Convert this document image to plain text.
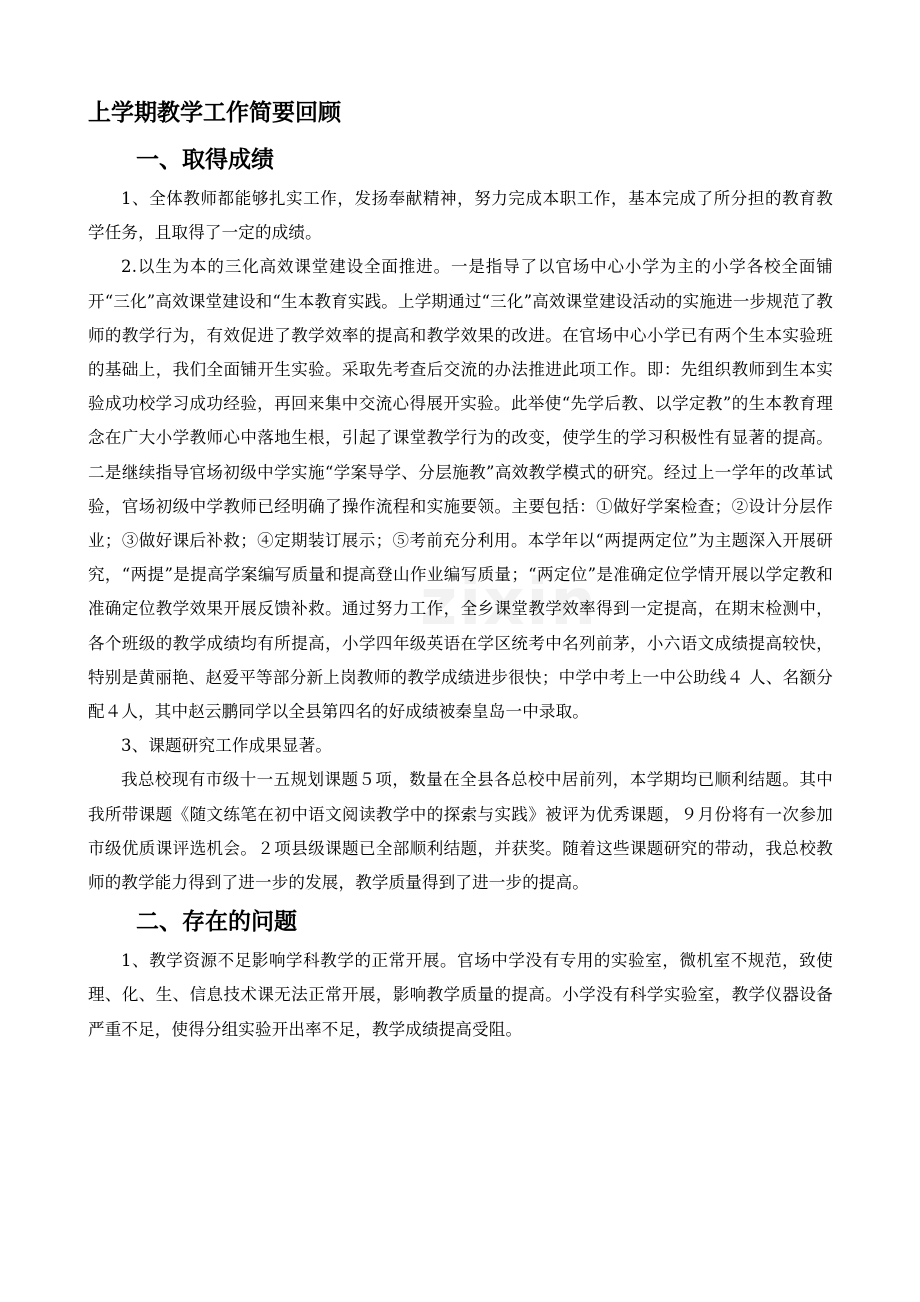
zixin
上学期教学工作简要回顾
一、取得成绩

1、全体教师都能够扎实工作，发扬奉献精神，努力完成本职工作，基本完成了所分担的教育教学任务，且取得了一定的成绩。

2.以生为本的三化高效课堂建设全面推进。一是指导了以官场中心小学为主的小学各校全面铺开“三化”高效课堂建设和“生本教育实践。上学期通过“三化”高效课堂建设活动的实施进一步规范了教师的教学行为，有效促进了教学效率的提高和教学效果的改进。在官场中心小学已有两个生本实验班的基础上，我们全面铺开生实验。采取先考查后交流的办法推进此项工作。即：先组织教师到生本实验成功校学习成功经验，再回来集中交流心得展开实验。此举使“先学后教、以学定教”的生本教育理念在广大小学教师心中落地生根，引起了课堂教学行为的改变，使学生的学习积极性有显著的提高。二是继续指导官场初级中学实施“学案导学、分层施教”高效教学模式的研究。经过上一学年的改革试验，官场初级中学教师已经明确了操作流程和实施要领。主要包括：①做好学案检查；②设计分层作业；③做好课后补救；④定期装订展示；⑤考前充分利用。本学年以“两提两定位”为主题深入开展研究，“两提”是提高学案编写质量和提高登山作业编写质量；“两定位”是准确定位学情开展以学定教和准确定位教学效果开展反馈补救。通过努力工作，全乡课堂教学效率得到一定提高，在期末检测中，各个班级的教学成绩均有所提高，小学四年级英语在学区统考中名列前茅，小六语文成绩提高较快，特别是黄丽艳、赵爱平等部分新上岗教师的教学成绩进步很快；中学中考上一中公助线４ 人、名额分配４人，其中赵云鹏同学以全县第四名的好成绩被秦皇岛一中录取。

3、课题研究工作成果显著。

我总校现有市级十一五规划课题５项，数量在全县各总校中居前列，本学期均已顺利结题。其中我所带课题《随文练笔在初中语文阅读教学中的探索与实践》被评为优秀课题，９月份将有一次参加市级优质课评选机会。２项县级课题已全部顺利结题，并获奖。随着这些课题研究的带动，我总校教师的教学能力得到了进一步的发展，教学质量得到了进一步的提高。

二、存在的问题

1、教学资源不足影响学科教学的正常开展。官场中学没有专用的实验室，微机室不规范，致使理、化、生、信息技术课无法正常开展，影响教学质量的提高。小学没有科学实验室，教学仪器设备严重不足，使得分组实验开出率不足，教学成绩提高受阻。
